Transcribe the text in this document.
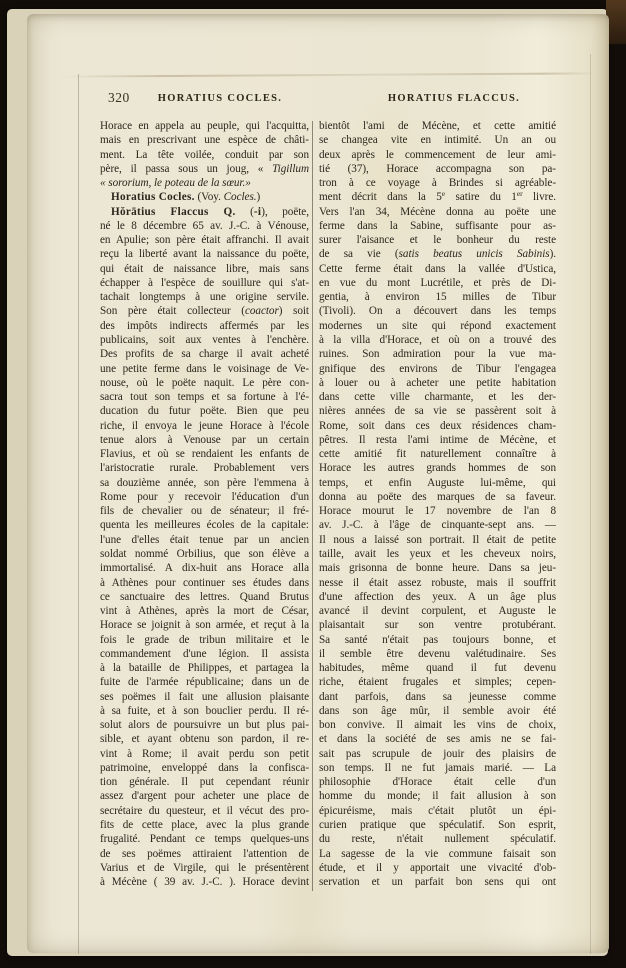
320	HORATIUS COCLES.	HORATIUS FLACCUS.
Horace en appela au peuple, qui l'acquitta,
mais en prescrivant une espèce de châti-
ment. La tête voilée, conduit par son
père, il passa sous un joug, « Tigillum
« sororium, le poteau de la sœur.»
Horatius Cocles. (Voy. Cocles.)
Hŏrātius Flaccus Q. (-i), poëte,
né le 8 décembre 65 av. J.-C. à Vénouse,
en Apulie; son père était affranchi. Il avait
reçu la liberté avant la naissance du poëte,
qui était de naissance libre, mais sans
échapper à l'espèce de souillure qui s'at-
tachait longtemps à une origine servile.
Son père était collecteur (coactor) soit
des impôts indirects affermés par les
publicains, soit aux ventes à l'enchère.
Des profits de sa charge il avait acheté
une petite ferme dans le voisinage de Ve-
nouse, où le poëte naquit. Le père con-
sacra tout son temps et sa fortune à l'é-
ducation du futur poëte. Bien que peu
riche, il envoya le jeune Horace à l'école
tenue alors à Venouse par un certain
Flavius, et où se rendaient les enfants de
l'aristocratie rurale. Probablement vers
sa douzième année, son père l'emmena à
Rome pour y recevoir l'éducation d'un
fils de chevalier ou de sénateur; il fré-
quenta les meilleures écoles de la capitale:
l'une d'elles était tenue par un ancien
soldat nommé Orbilius, que son élève a
immortalisé. A dix-huit ans Horace alla
à Athènes pour continuer ses études dans
ce sanctuaire des lettres. Quand Brutus
vint à Athènes, après la mort de César,
Horace se joignit à son armée, et reçut à la
fois le grade de tribun militaire et le
commandement d'une légion. Il assista
à la bataille de Philippes, et partagea la
fuite de l'armée républicaine; dans un de
ses poëmes il fait une allusion plaisante
à sa fuite, et à son bouclier perdu. Il ré-
solut alors de poursuivre un but plus pai-
sible, et ayant obtenu son pardon, il re-
vint à Rome; il avait perdu son petit
patrimoine, enveloppé dans la confisca-
tion générale. Il put cependant réunir
assez d'argent pour acheter une place de
secrétaire du questeur, et il vécut des pro-
fits de cette place, avec la plus grande
frugalité. Pendant ce temps quelques-uns
de ses poëmes attiraient l'attention de
Varius et de Virgile, qui le présentèrent
à Mécène ( 39 av. J.-C. ). Horace devint
bientôt l'ami de Mécène, et cette amitié
se changea vite en intimité. Un an ou
deux après le commencement de leur ami-
tié (37), Horace accompagna son pa-
tron à ce voyage à Brindes si agréable-
ment décrit dans la 5e satire du 1er livre.
Vers l'an 34, Mécène donna au poëte une
ferme dans la Sabine, suffisante pour as-
surer l'aisance et le bonheur du reste
de sa vie (satis beatus unicis Sabinis).
Cette ferme était dans la vallée d'Ustica,
en vue du mont Lucrétile, et près de Di-
gentia, à environ 15 milles de Tibur
(Tivoli). On a découvert dans les temps
modernes un site qui répond exactement
à la villa d'Horace, et où on a trouvé des
ruines. Son admiration pour la vue ma-
gnifique des environs de Tibur l'engagea
à louer ou à acheter une petite habitation
dans cette ville charmante, et les der-
nières années de sa vie se passèrent soit à
Rome, soit dans ces deux résidences cham-
pêtres. Il resta l'ami intime de Mécène, et
cette amitié fit naturellement connaître à
Horace les autres grands hommes de son
temps, et enfin Auguste lui-même, qui
donna au poëte des marques de sa faveur.
Horace mourut le 17 novembre de l'an 8
av. J.-C. à l'âge de cinquante-sept ans. —
Il nous a laissé son portrait. Il était de petite
taille, avait les yeux et les cheveux noirs,
mais grisonna de bonne heure. Dans sa jeu-
nesse il était assez robuste, mais il souffrit
d'une affection des yeux. A un âge plus
avancé il devint corpulent, et Auguste le
plaisantait sur son ventre protubérant.
Sa santé n'était pas toujours bonne, et
il semble être devenu valétudinaire. Ses
habitudes, même quand il fut devenu
riche, étaient frugales et simples; cepen-
dant parfois, dans sa jeunesse comme
dans son âge mûr, il semble avoir été
bon convive. Il aimait les vins de choix,
et dans la société de ses amis ne se fai-
sait pas scrupule de jouir des plaisirs de
son temps. Il ne fut jamais marié. — La
philosophie d'Horace était celle d'un
homme du monde; il fait allusion à son
épicuréisme, mais c'était plutôt un épi-
curien pratique que spéculatif. Son esprit,
du reste, n'était nullement spéculatif.
La sagesse de la vie commune faisait son
étude, et il y apportait une vivacité d'ob-
servation et un parfait bon sens qui ont
